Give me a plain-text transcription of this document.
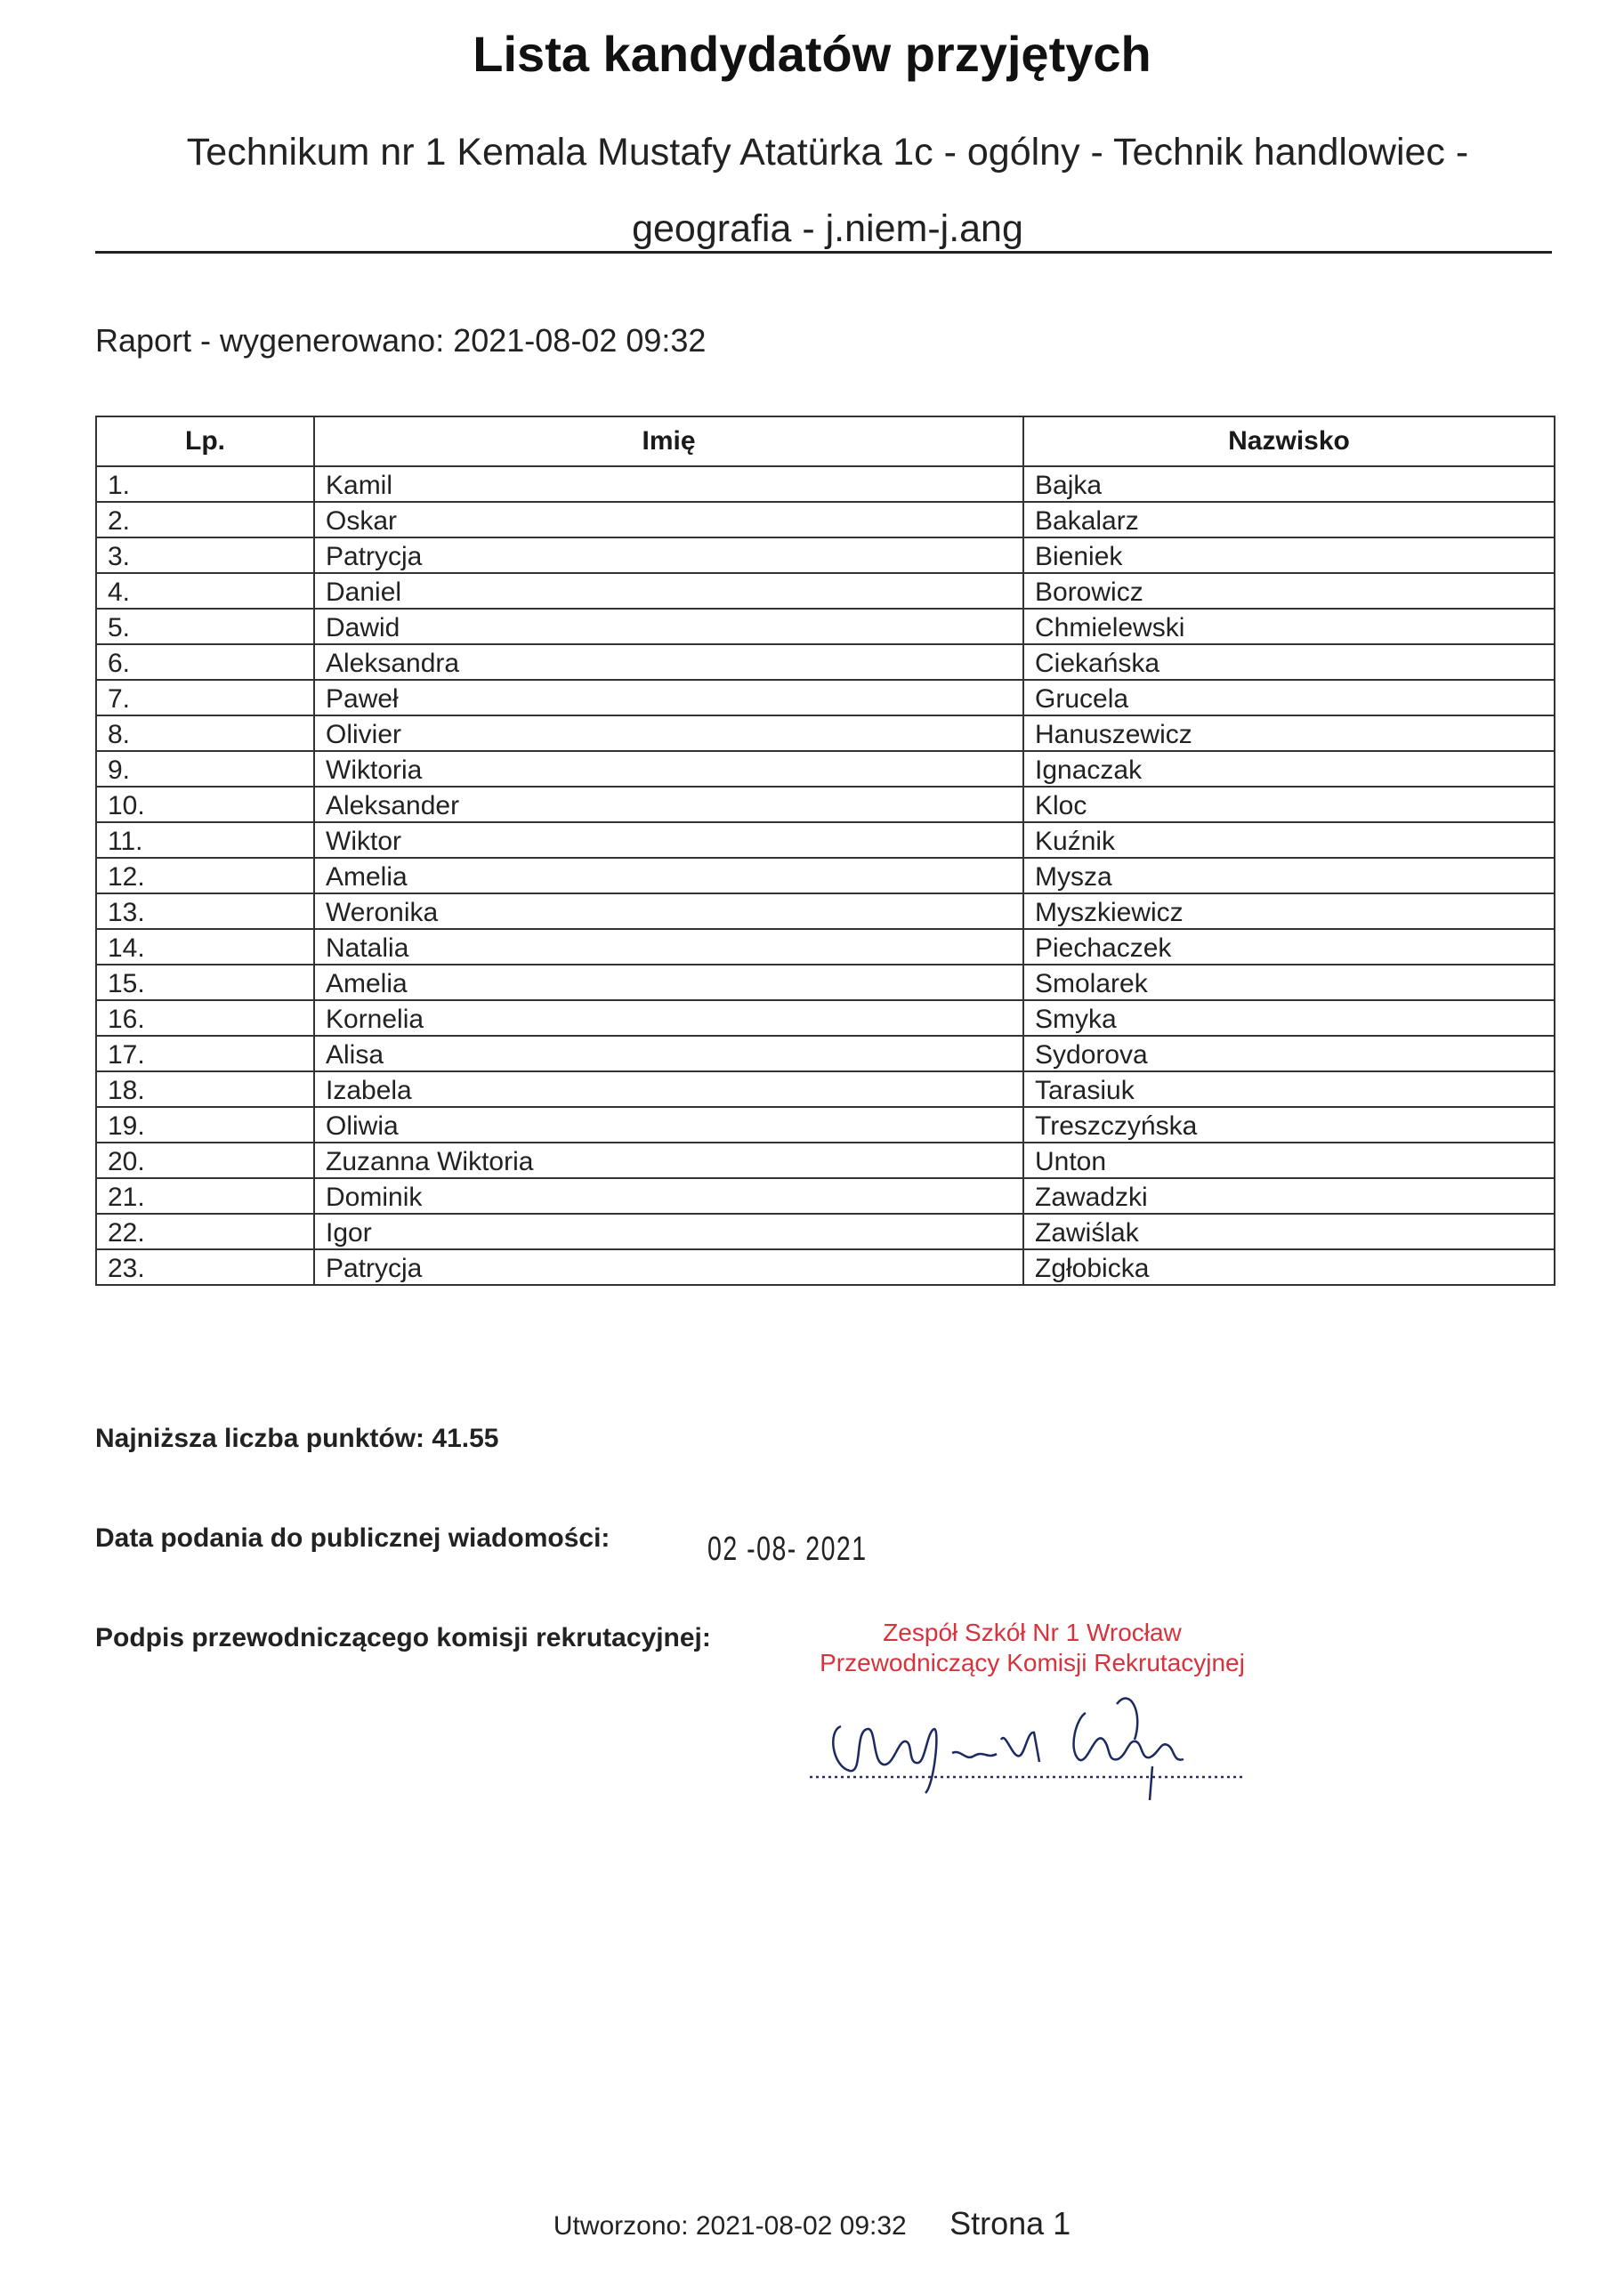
Lista kandydatów przyjętych
Technikum nr 1 Kemala Mustafy Atatürka 1c - ogólny - Technik handlowiec -
geografia - j.niem-j.ang
Raport - wygenerowano: 2021-08-02 09:32
Lp.	Imię	Nazwisko
1.	Kamil	Bajka
2.	Oskar	Bakalarz
3.	Patrycja	Bieniek
4.	Daniel	Borowicz
5.	Dawid	Chmielewski
6.	Aleksandra	Ciekańska
7.	Paweł	Grucela
8.	Olivier	Hanuszewicz
9.	Wiktoria	Ignaczak
10.	Aleksander	Kloc
11.	Wiktor	Kuźnik
12.	Amelia	Mysza
13.	Weronika	Myszkiewicz
14.	Natalia	Piechaczek
15.	Amelia	Smolarek
16.	Kornelia	Smyka
17.	Alisa	Sydorova
18.	Izabela	Tarasiuk
19.	Oliwia	Treszczyńska
20.	Zuzanna Wiktoria	Unton
21.	Dominik	Zawadzki
22.	Igor	Zawiślak
23.	Patrycja	Zgłobicka
Najniższa liczba punktów: 41.55
Data podania do publicznej wiadomości:	02 -08- 2021
Podpis przewodniczącego komisji rekrutacyjnej:	Zespół Szkół Nr 1 Wrocław
Przewodniczący Komisji Rekrutacyjnej
Utworzono: 2021-08-02 09:32 Strona 1
